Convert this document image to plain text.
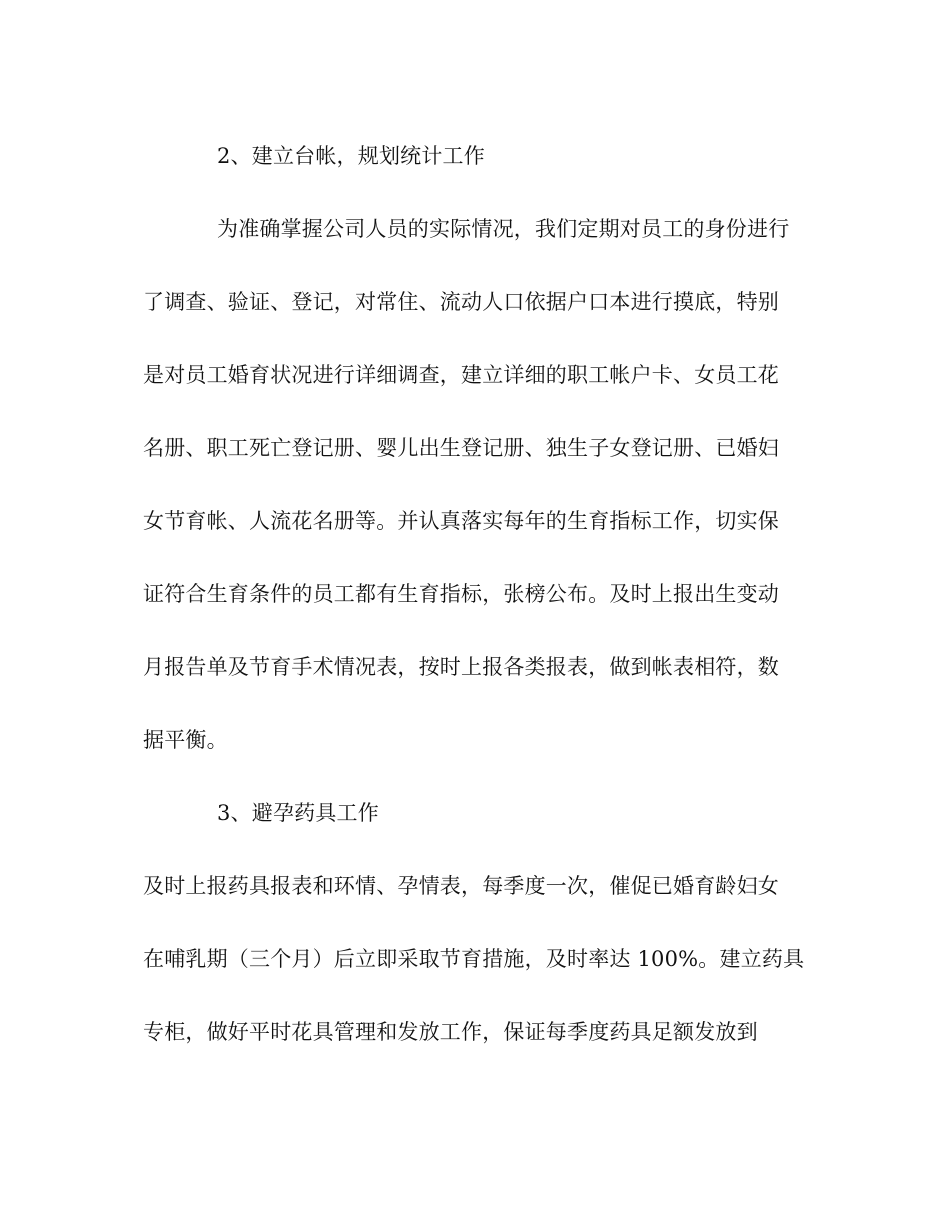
2、建立台帐，规划统计工作
为准确掌握公司人员的实际情况，我们定期对员工的身份进行
了调查、验证、登记，对常住、流动人口依据户口本进行摸底，特别
是对员工婚育状况进行详细调查，建立详细的职工帐户卡、女员工花
名册、职工死亡登记册、婴儿出生登记册、独生子女登记册、已婚妇
女节育帐、人流花名册等。并认真落实每年的生育指标工作，切实保
证符合生育条件的员工都有生育指标，张榜公布。及时上报出生变动
月报告单及节育手术情况表，按时上报各类报表，做到帐表相符，数
据平衡。
3、避孕药具工作
及时上报药具报表和环情、孕情表，每季度一次，催促已婚育龄妇女
在哺乳期（三个月）后立即采取节育措施，及时率达 100%。建立药具
专柜，做好平时花具管理和发放工作，保证每季度药具足额发放到
